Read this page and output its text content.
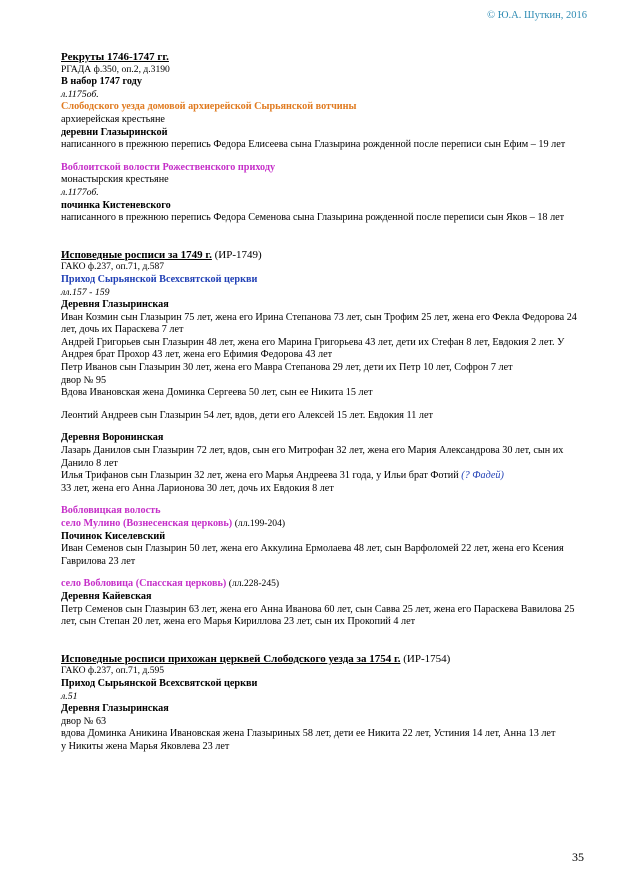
© Ю.А. Шуткин, 2016
Рекруты 1746-1747 гг.
РГАДА ф.350, оп.2, д.3190
В набор 1747 году
л.1175об.
Слободского уезда домовой архиерейской Сырьянской вотчины
архиерейская крестьяне
деревни Глазыринской
написанного в прежнюю перепись Федора Елисеева сына Глазырина рожденной после переписи сын Ефим – 19 лет
Воблоитской волости Рожественского приходу
монастырския крестьяне
л.1177об.
починка Кистеневского
написанного в прежнюю перепись Федора Семенова сына Глазырина рожденной после переписи сын Яков – 18 лет
Исповедные росписи за 1749 г. (ИР-1749)
ГАКО ф.237, оп.71, д.587
Приход Сырьянской Всехсвятской церкви
лл.157 - 159
Деревня Глазыринская
Иван Козмин сын Глазырин 75 лет, жена его Ирина Степанова 73 лет, сын Трофим 25 лет, жена его Фекла Федорова 24 лет, дочь их Параскева 7 лет
Андрей Григорьев сын Глазырин 48 лет, жена его Марина Григорьева 43 лет, дети их Стефан 8 лет, Евдокия 2 лет. У Андрея брат Прохор 43 лет, жена его Ефимия Федорова 43 лет
Петр Иванов сын Глазырин 30 лет, жена его Мавра Степанова 29 лет, дети их Петр 10 лет, Софрон 7 лет
двор № 95
Вдова Ивановская жена Доминка Сергеева 50 лет, сын ее Никита 15 лет
Леонтий Андреев сын Глазырин 54 лет, вдов, дети его Алексей 15 лет. Евдокия 11 лет
Деревня Воронинская
Лазарь Данилов сын Глазырин 72 лет, вдов, сын его Митрофан 32 лет, жена его Мария Александрова 30 лет, сын их Данило 8 лет
Илья Трифанов сын Глазырин 32 лет, жена его Марья Андреева 31 года, у Ильи брат Фотий (? Фадей)
33 лет, жена его Анна Ларионова 30 лет, дочь их Евдокия 8 лет
Вобловицкая волость
село Мулино (Вознесенская церковь) (лл.199-204)
Починок Киселевский
Иван Семенов сын Глазырин 50 лет, жена его Аккулина Ермолаева 48 лет, сын Варфоломей 22 лет, жена его Ксения Гаврилова 23 лет
село Вобловица (Спасская церковь) (лл.228-245)
Деревня Кайевская
Петр Семенов сын Глазырин 63 лет, жена его Анна Иванова 60 лет, сын Савва 25 лет, жена его Параскева Вавилова 25 лет, сын Степан 20 лет, жена его Марья Кириллова 23 лет, сын их Прокопий 4 лет
Исповедные росписи прихожан церквей Слободского уезда за 1754 г. (ИР-1754)
ГАКО ф.237, оп.71, д.595
Приход Сырьянской Всехсвятской церкви
л.51
Деревня Глазыринская
двор № 63
вдова Доминка Аникина Ивановская жена Глазыриных 58 лет, дети ее Никита 22 лет, Устиния 14 лет, Анна 13 лет
у Никиты жена Марья Яковлева 23 лет
35
